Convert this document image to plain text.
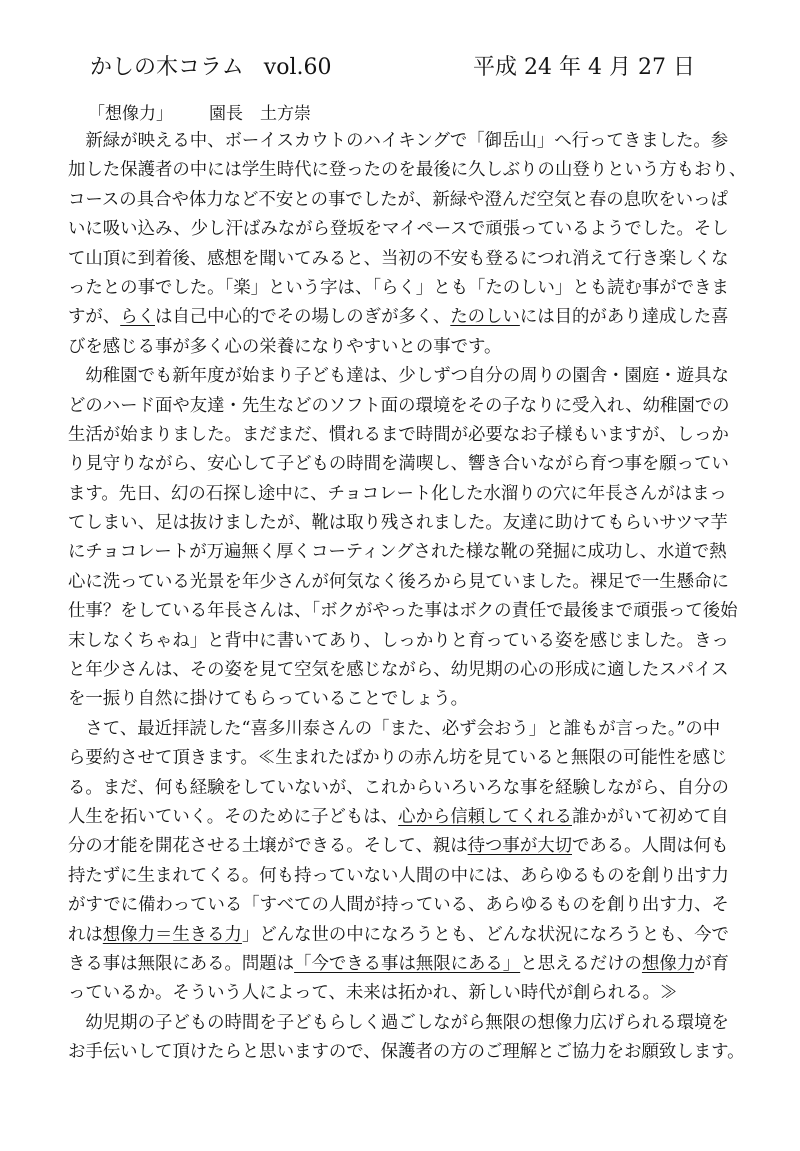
かしの木コラム vol.60	平成 24 年 4 月 27 日
「想像力」 園長　土方崇
　新緑が映える中、ボーイスカウトのハイキングで「御岳山」へ行ってきました。参
加した保護者の中には学生時代に登ったのを最後に久しぶりの山登りという方もおり、
コースの具合や体力など不安との事でしたが、新緑や澄んだ空気と春の息吹をいっぱ
いに吸い込み、少し汗ばみながら登坂をマイペースで頑張っているようでした。そし
て山頂に到着後、感想を聞いてみると、当初の不安も登るにつれ消えて行き楽しくな
ったとの事でした。「楽」という字は、「らく」とも「たのしい」とも読む事ができま
すが、らくは自己中心的でその場しのぎが多く、たのしいには目的があり達成した喜
びを感じる事が多く心の栄養になりやすいとの事です。
　幼稚園でも新年度が始まり子ども達は、少しずつ自分の周りの園舎・園庭・遊具な
どのハード面や友達・先生などのソフト面の環境をその子なりに受入れ、幼稚園での
生活が始まりました。まだまだ、慣れるまで時間が必要なお子様もいますが、しっか
り見守りながら、安心して子どもの時間を満喫し、響き合いながら育つ事を願ってい
ます。先日、幻の石探し途中に、チョコレート化した水溜りの穴に年長さんがはまっ
てしまい、足は抜けましたが、靴は取り残されました。友達に助けてもらいサツマ芋
にチョコレートが万遍無く厚くコーティングされた様な靴の発掘に成功し、水道で熱
心に洗っている光景を年少さんが何気なく後ろから見ていました。裸足で一生懸命に
仕事？をしている年長さんは、「ボクがやった事はボクの責任で最後まで頑張って後始
末しなくちゃね」と背中に書いてあり、しっかりと育っている姿を感じました。きっ
と年少さんは、その姿を見て空気を感じながら、幼児期の心の形成に適したスパイス
を一振り自然に掛けてもらっていることでしょう。
　さて、最近拝読した“喜多川泰さんの「また、必ず会おう」と誰もが言った。”の中
ら要約させて頂きます。≪生まれたばかりの赤ん坊を見ていると無限の可能性を感じ
る。まだ、何も経験をしていないが、これからいろいろな事を経験しながら、自分の
人生を拓いていく。そのために子どもは、心から信頼してくれる誰かがいて初めて自
分の才能を開花させる土壌ができる。そして、親は待つ事が大切である。人間は何も
持たずに生まれてくる。何も持っていない人間の中には、あらゆるものを創り出す力
がすでに備わっている「すべての人間が持っている、あらゆるものを創り出す力、そ
れは想像力＝生きる力」どんな世の中になろうとも、どんな状況になろうとも、今で
きる事は無限にある。問題は「今できる事は無限にある」と思えるだけの想像力が育
っているか。そういう人によって、未来は拓かれ、新しい時代が創られる。≫
　幼児期の子どもの時間を子どもらしく過ごしながら無限の想像力広げられる環境を
お手伝いして頂けたらと思いますので、保護者の方のご理解とご協力をお願致します。
